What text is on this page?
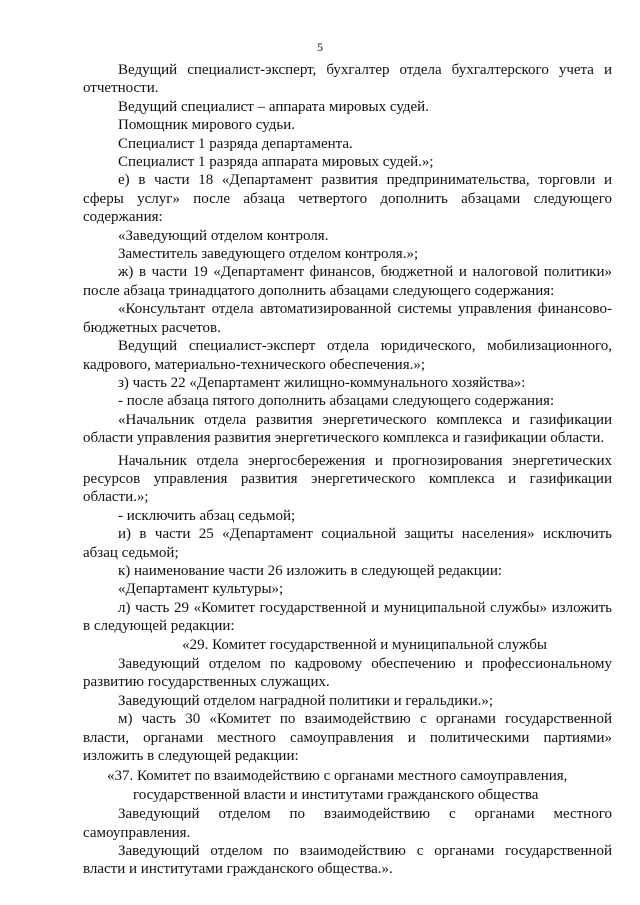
5

Ведущий специалист-эксперт, бухгалтер отдела бухгалтерского учета и отчетности.

Ведущий специалист – аппарата мировых судей.

Помощник мирового судьи.

Специалист 1 разряда департамента.

Специалист 1 разряда аппарата мировых судей.»;

е) в части 18 «Департамент развития предпринимательства, торговли и сферы услуг» после абзаца четвертого дополнить абзацами следующего содержания:

«Заведующий отделом контроля.

Заместитель заведующего отделом контроля.»;

ж) в части 19 «Департамент финансов, бюджетной и налоговой политики» после абзаца тринадцатого дополнить абзацами следующего содержания:

«Консультант отдела автоматизированной системы управления финансово-бюджетных расчетов.

Ведущий специалист-эксперт отдела юридического, мобилизационного, кадрового, материально-технического обеспечения.»;

з) часть 22 «Департамент жилищно-коммунального хозяйства»:

- после абзаца пятого дополнить абзацами следующего содержания:

«Начальник отдела развития энергетического комплекса и газификации области управления развития энергетического комплекса и газификации области.

Начальник отдела энергосбережения и прогнозирования энергетических ресурсов управления развития энергетического комплекса и газификации области.»;

- исключить абзац седьмой;

и) в части 25 «Департамент социальной защиты населения» исключить абзац седьмой;

к) наименование части 26 изложить в следующей редакции:

«Департамент культуры»;

л) часть 29 «Комитет государственной и муниципальной службы» изложить в следующей редакции:

«29. Комитет государственной и муниципальной службы

Заведующий отделом по кадровому обеспечению и профессиональному развитию государственных служащих.

Заведующий отделом наградной политики и геральдики.»;

м) часть 30 «Комитет по взаимодействию с органами государственной власти, органами местного самоуправления и политическими партиями» изложить в следующей редакции:

«37. Комитет по взаимодействию с органами местного самоуправления,
государственной власти и институтами гражданского общества

Заведующий отделом по взаимодействию с органами местного самоуправления.

Заведующий отделом по взаимодействию с органами государственной власти и институтами гражданского общества.».
